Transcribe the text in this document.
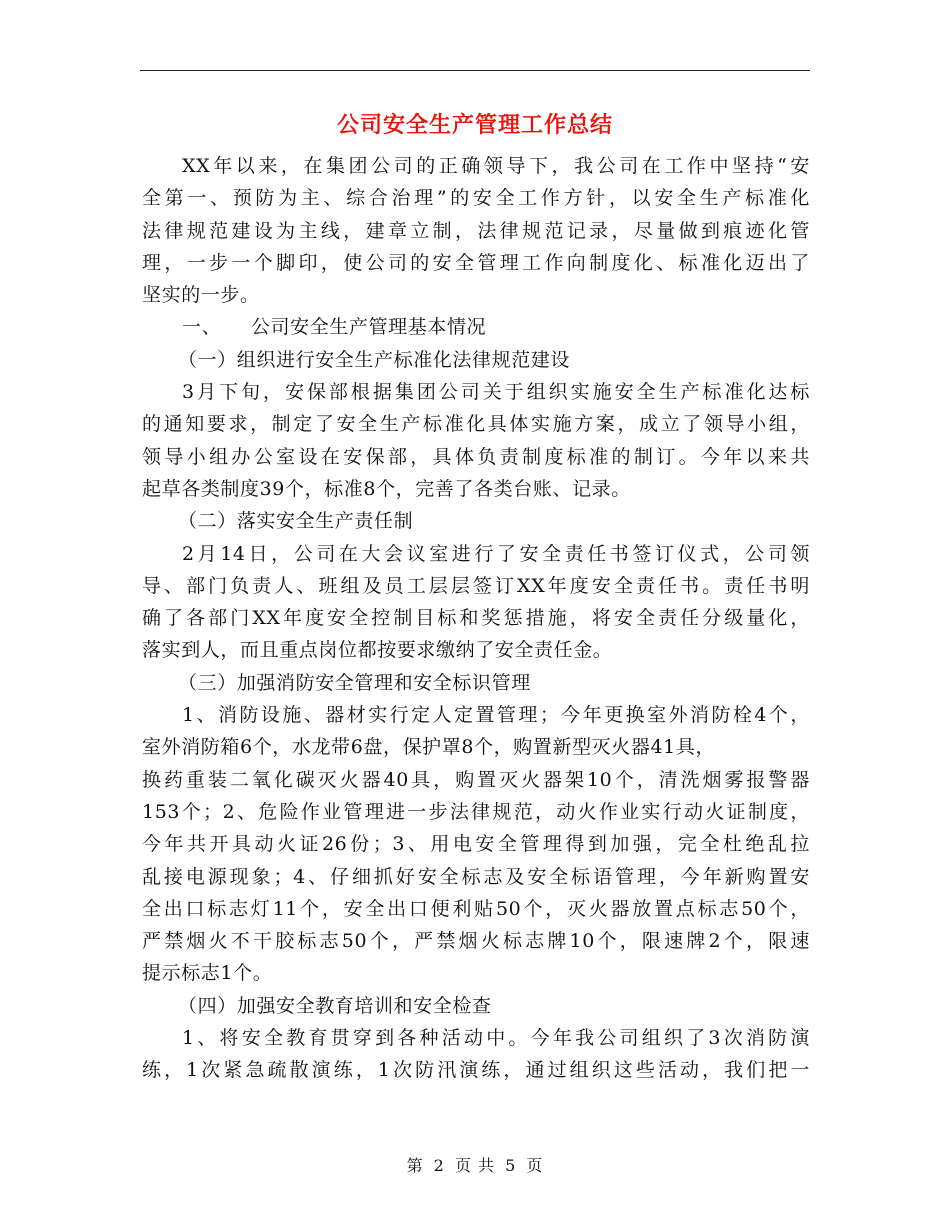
公司安全生产管理工作总结
XX年以来，在集团公司的正确领导下，我公司在工作中坚持“安
全第一、预防为主、综合治理”的安全工作方针，以安全生产标准化
法律规范建设为主线，建章立制，法律规范记录，尽量做到痕迹化管
理，一步一个脚印，使公司的安全管理工作向制度化、标准化迈出了
坚实的一步。
一、　　公司安全生产管理基本情况
（一）组织进行安全生产标准化法律规范建设
3月下旬，安保部根据集团公司关于组织实施安全生产标准化达标
的通知要求，制定了安全生产标准化具体实施方案，成立了领导小组，
领导小组办公室设在安保部，具体负责制度标准的制订。今年以来共
起草各类制度39个，标准8个，完善了各类台账、记录。
（二）落实安全生产责任制
2月14日，公司在大会议室进行了安全责任书签订仪式，公司领
导、部门负责人、班组及员工层层签订XX年度安全责任书。责任书明
确了各部门XX年度安全控制目标和奖惩措施，将安全责任分级量化，
落实到人，而且重点岗位都按要求缴纳了安全责任金。
（三）加强消防安全管理和安全标识管理
1、消防设施、器材实行定人定置管理；今年更换室外消防栓4个，
室外消防箱6个，水龙带6盘，保护罩8个，购置新型灭火器41具，
换药重装二氧化碳灭火器40具，购置灭火器架10个，清洗烟雾报警器
153个；2、危险作业管理进一步法律规范，动火作业实行动火证制度，
今年共开具动火证26份；3、用电安全管理得到加强，完全杜绝乱拉
乱接电源现象；4、仔细抓好安全标志及安全标语管理，今年新购置安
全出口标志灯11个，安全出口便利贴50个，灭火器放置点标志50个，
严禁烟火不干胶标志50个，严禁烟火标志牌10个，限速牌2个，限速
提示标志1个。
（四）加强安全教育培训和安全检查
1、将安全教育贯穿到各种活动中。今年我公司组织了3次消防演
练，1次紧急疏散演练，1次防汛演练，通过组织这些活动，我们把一
第 2 页 共 5 页
